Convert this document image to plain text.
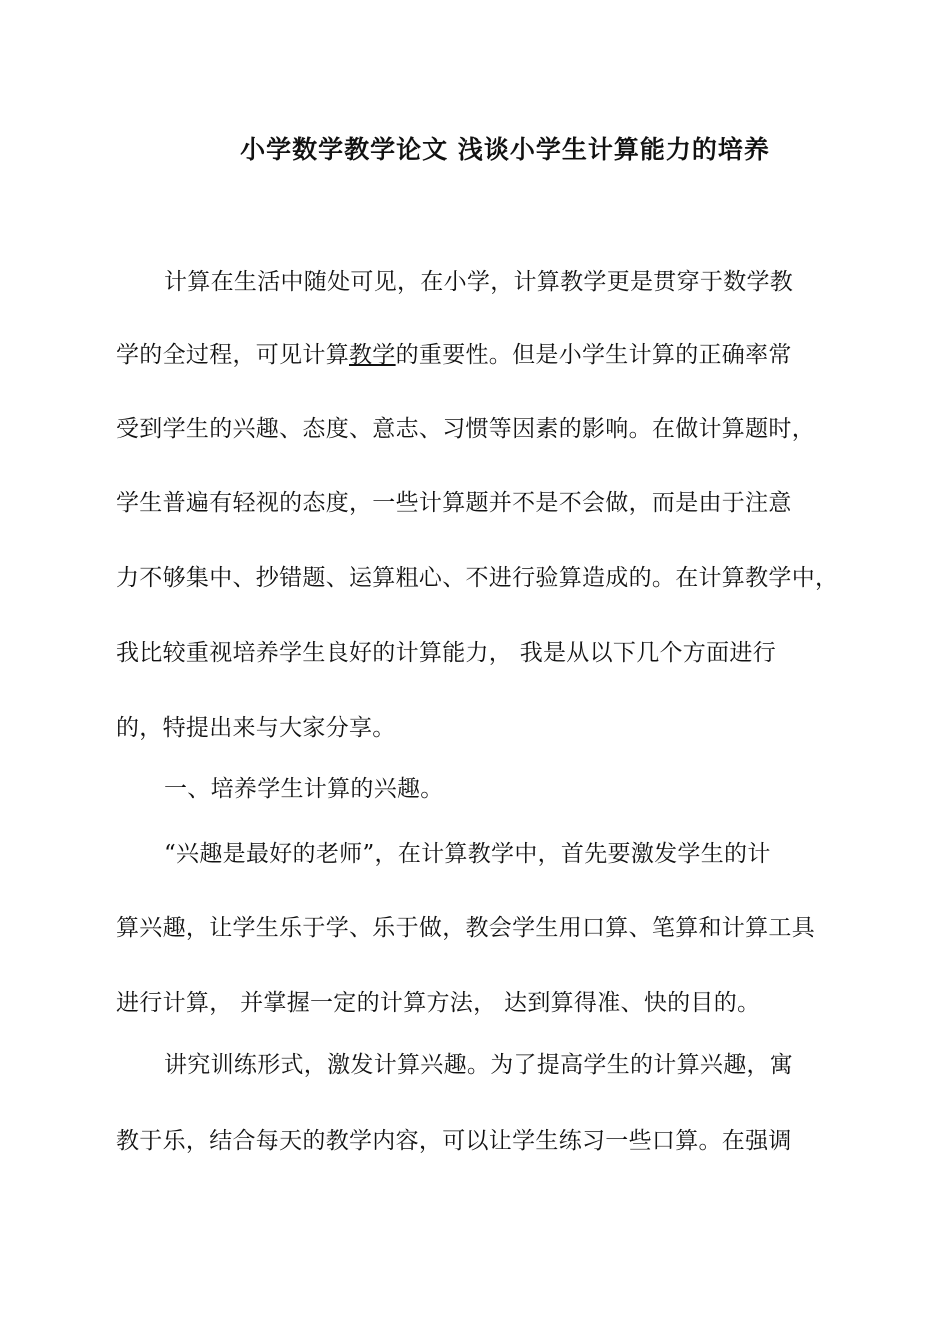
小学数学教学论文 浅谈小学生计算能力的培养
计算在生活中随处可见，在小学，计算教学更是贯穿于数学教
学的全过程，可见计算教学的重要性。但是小学生计算的正确率常
受到学生的兴趣、态度、意志、习惯等因素的影响。在做计算题时，
学生普遍有轻视的态度，一些计算题并不是不会做，而是由于注意
力不够集中、抄错题、运算粗心、不进行验算造成的。在计算教学中，
我比较重视培养学生良好的计算能力， 我是从以下几个方面进行
的，特提出来与大家分享。
一、培养学生计算的兴趣。
“兴趣是最好的老师”，在计算教学中，首先要激发学生的计
算兴趣，让学生乐于学、乐于做，教会学生用口算、笔算和计算工具
进行计算， 并掌握一定的计算方法， 达到算得准、快的目的。
讲究训练形式，激发计算兴趣。为了提高学生的计算兴趣，寓
教于乐，结合每天的教学内容，可以让学生练习一些口算。在强调
